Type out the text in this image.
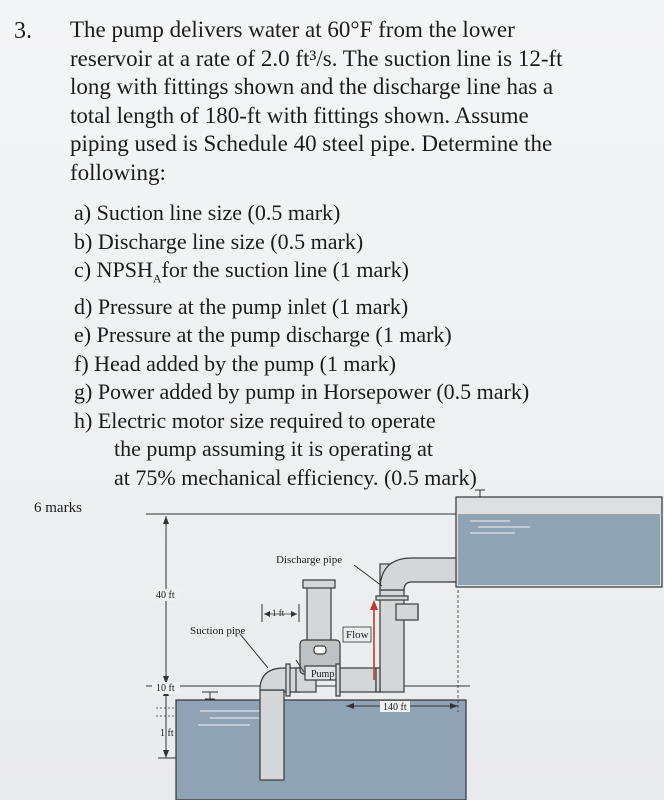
3. The pump delivers water at 60°F from the lower
reservoir at a rate of 2.0 ft³/s. The suction line is 12-ft
long with fittings shown and the discharge line has a
total length of 180-ft with fittings shown. Assume
piping used is Schedule 40 steel pipe. Determine the
following:
a) Suction line size (0.5 mark)
b) Discharge line size (0.5 mark)
c) $NPSH_Afor$ the suction line (1 mark)
d) Pressure at the pump inlet (1 mark)
e) Pressure at the pump discharge (1 mark)
f) Head added by the pump (1 mark)
g) Power added by pump in Horsepower (0.5 mark)
h) Electric motor size required to operate
the pump assuming it is operating at
at 75% mechanical efficiency. (0.5 mark)
6 marks
Pump
Discharge pipe
Suction pipe	Flow
40 ft
10 ft
1 ft
1 ft
140 ft
